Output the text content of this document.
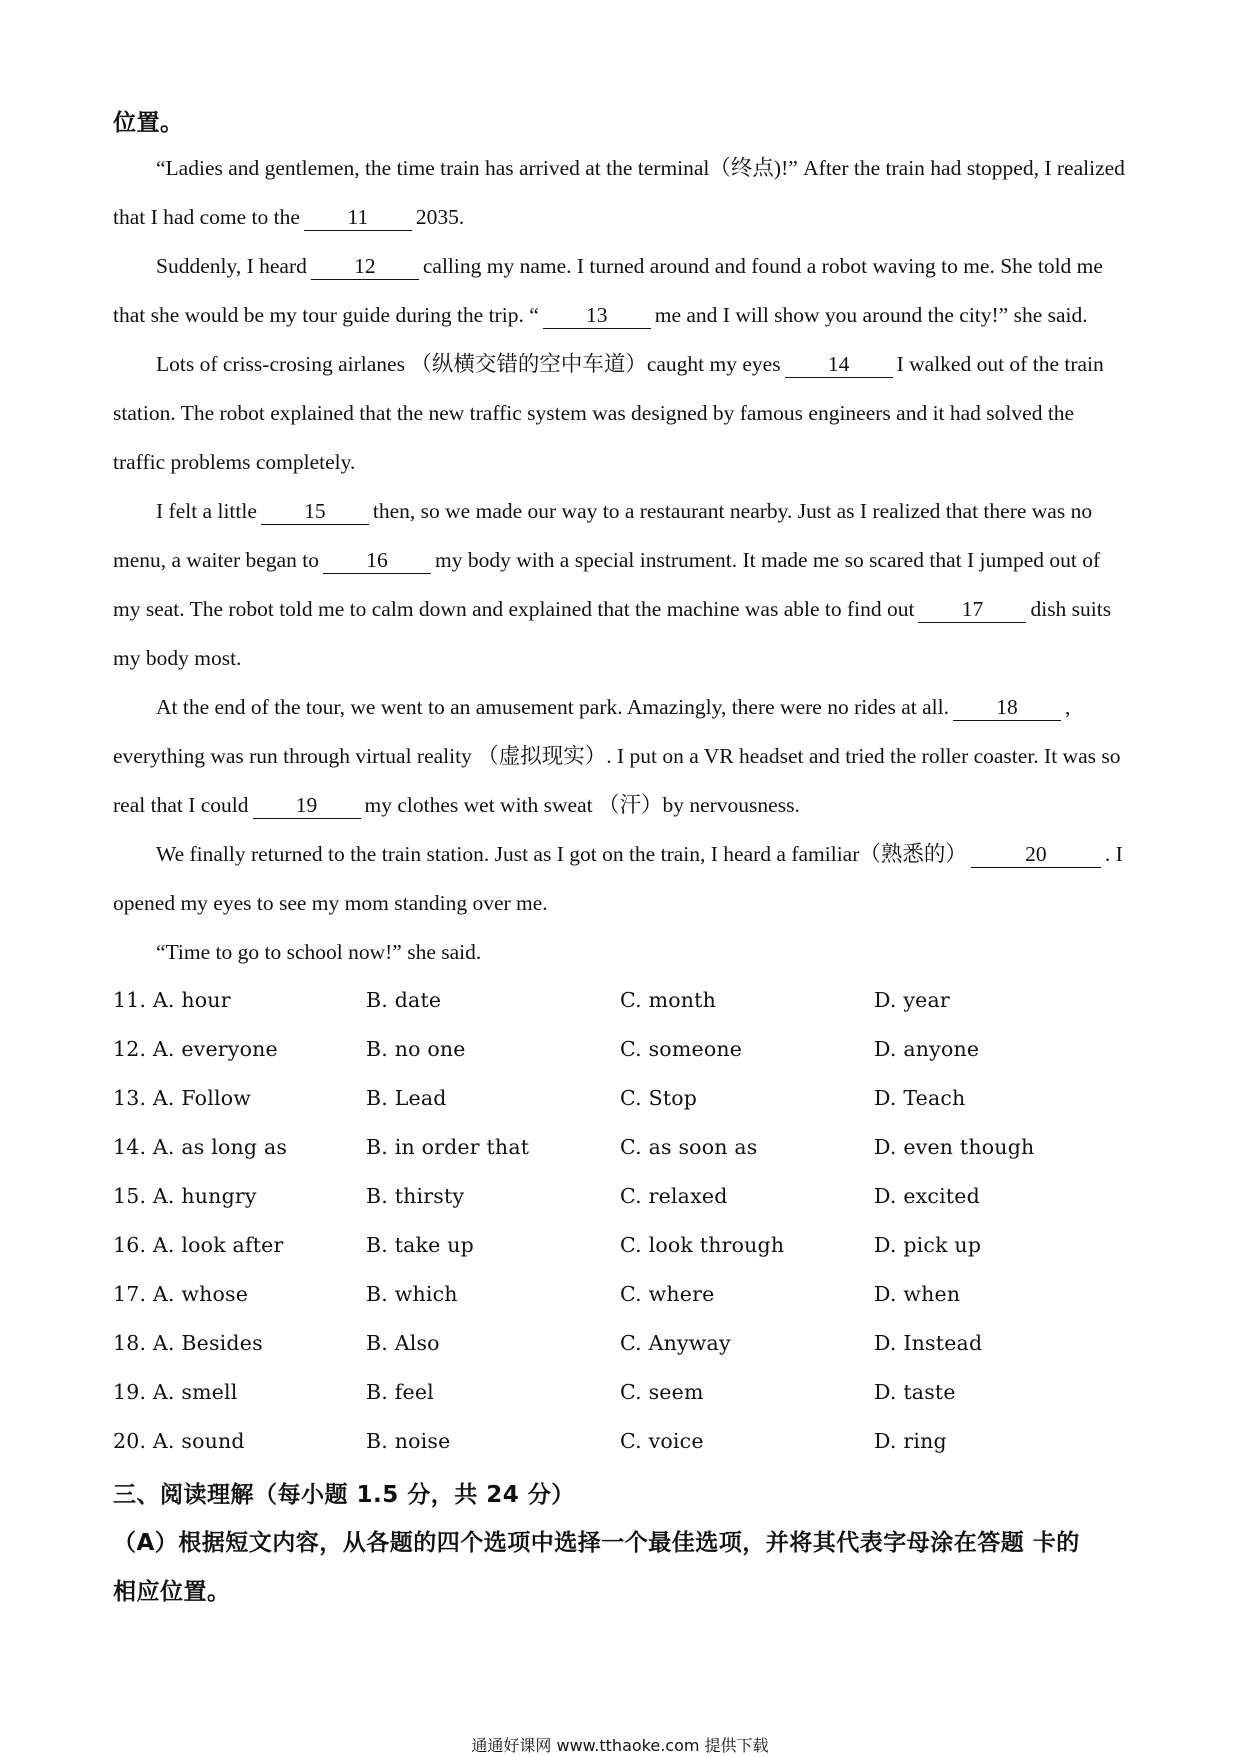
位置。
“Ladies and gentlemen, the time train has arrived at the terminal（终点)!” After the train had stopped, I realized
that I had come to the 11 2035.
Suddenly, I heard 12 calling my name. I turned around and found a robot waving to me. She told me
that she would be my tour guide during the trip. “ 13 me and I will show you around the city!” she said.
Lots of criss-crosing airlanes （纵横交错的空中车道）caught my eyes 14 I walked out of the train
station. The robot explained that the new traffic system was designed by famous engineers and it had solved the
traffic problems completely.
I felt a little 15 then, so we made our way to a restaurant nearby. Just as I realized that there was no
menu, a waiter began to 16 my body with a special instrument. It made me so scared that I jumped out of
my seat. The robot told me to calm down and explained that the machine was able to find out 17 dish suits
my body most.
At the end of the tour, we went to an amusement park. Amazingly, there were no rides at all. 18 ,
everything was run through virtual reality （虚拟现实）. I put on a VR headset and tried the roller coaster. It was so
real that I could 19 my clothes wet with sweat （汗）by nervousness.
We finally returned to the train station. Just as I got on the train, I heard a familiar（熟悉的）	20	. I
opened my eyes to see my mom standing over me.
“Time to go to school now!” she said.
11. A. hour	B. date	C. month	D. year
12. A. everyone	B. no one	C. someone	D. anyone
13. A. Follow	B. Lead	C. Stop	D. Teach
14. A. as long as	B. in order that	C. as soon as	D. even though
15. A. hungry	B. thirsty	C. relaxed	D. excited
16. A. look after	B. take up	C. look through	D. pick up
17. A. whose	B. which	C. where	D. when
18. A. Besides	B. Also	C. Anyway	D. Instead
19. A. smell	B. feel	C. seem	D. taste
20. A. sound	B. noise	C. voice	D. ring
三、阅读理解（每小题 1.5 分，共 24 分）
（A）根据短文内容，从各题的四个选项中选择一个最佳选项，并将其代表字母涂在答题 卡的
相应位置。
通通好课网 www.tthaoke.com 提供下载
